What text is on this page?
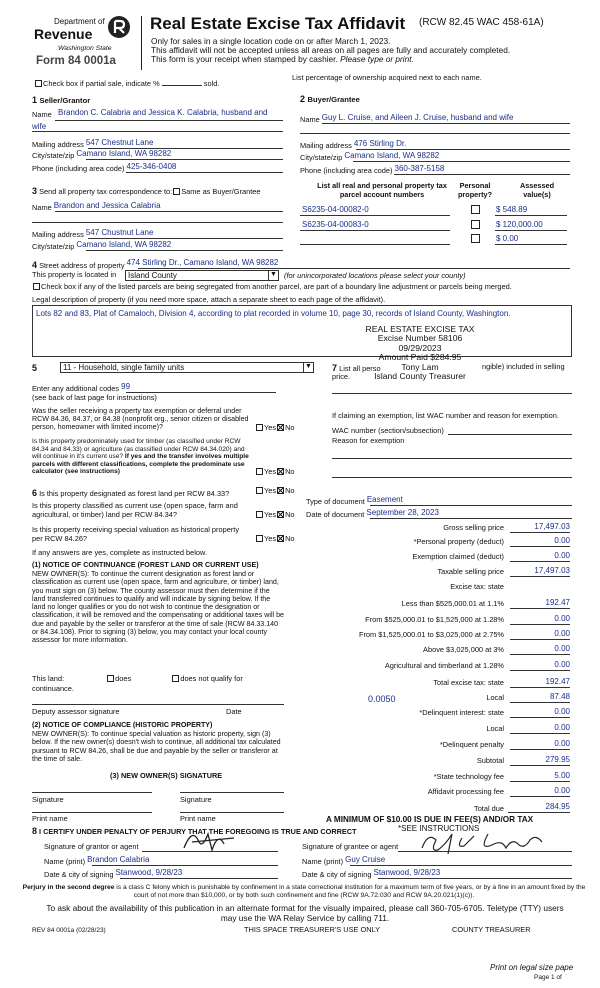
Department of
Revenue
Washington State
Form 84 0001a
Real Estate Excise Tax Affidavit (RCW 82.45 WAC 458-61A)
Only for sales in a single location code on or after March 1, 2023.
This affidavit will not be accepted unless all areas on all pages are fully and accurately completed.
This form is your receipt when stamped by cashier. Please type or print.
Check box if partial sale, indicate %	sold.
List percentage of ownership acquired next to each name.
1 Seller/Grantor
Name Brandon C. Calabria and Jessica K. Calabria, husband and
wife
Mailing address 547 Chestnut Lane
City/state/zip Camano Island, WA 98282
Phone (including area code) 425-346-0408
2 Buyer/Grantee
Name Guy L. Cruise, and Aileen J. Cruise, husband and wife
Mailing address 476 Stirling Dr.
City/state/zip Camano Island, WA 98282
Phone (including area code) 360-387-5158
3 Send all property tax correspondence to: Same as Buyer/Grantee
Name Brandon and Jessica Calabria
Mailing address 547 Chustnut Lane
City/state/zip Camano Island, WA 98282
List all real and personal property tax
parcel account numbers
Personal
property?
Assessed
value(s)
S6235-04-00082-0	$ 548.89
S6235-04-00083-0	$ 120,000.00
$ 0.00
4 Street address of property 474 Stirling Dr., Camano Island, WA 98282
This property is located in Island County	▼ (for unincorporated locations please select your county)
Check box if any of the listed parcels are being segregated from another parcel, are part of a boundary line adjustment or parcels being merged.
Legal description of property (if you need more space, attach a separate sheet to each page of the affidavit).
Lots 82 and 83, Plat of Camaloch, Division 4, according to plat recorded in volume 10, page 30, records of Island County, Washington.
REAL ESTATE EXCISE TAX
Excise Number 58106
09/29/2023
Amount Paid $284.95
Tony Lam
Island County Treasurer
5	11 - Household, single family units	▼
Enter any additional codes 99
(see back of last page for instructions)
Was the seller receiving a property tax exemption or deferral under RCW 84.36, 84.37, or 84.38 (nonprofit org., senior citizen or disabled person, homeowner with limited income)?	Yes No
Is this property predominately used for timber (as classified under RCW 84.34 and 84.33) or agriculture (as classified under RCW 84.34.020) and will continue in it's current use? If yes and the transfer involves multiple parcels with different classifications, complete the predominate use calculator (see instructions)	Yes No
7 List all perso	ngible) included in selling
price.
If claiming an exemption, list WAC number and reason for exemption.
WAC number (section/subsection)
Reason for exemption
6 Is this property designated as forest land per RCW 84.33?	Yes No
Is this property classified as current use (open space, farm and agricultural, or timber) land per RCW 84.34?	Yes No
Is this property receiving special valuation as historical property per RCW 84.26?	Yes No
If any answers are yes, complete as instructed below.
(1) NOTICE OF CONTINUANCE (FOREST LAND OR CURRENT USE)
NEW OWNER(S): To continue the current designation as forest land or classification as current use (open space, farm and agriculture, or timber) land, you must sign on (3) below. The county assessor must then determine if the land transferred continues to qualify and will indicate by signing below. If the land no longer qualifies or you do not wish to continue the designation or classification, it will be removed and the compensating or additional taxes will be due and payable by the seller or transferor at the time of sale (RCW 84.33.140 or 84.34.108). Prior to signing (3) below, you may contact your local county assessor for more information.
This land:	does	does not qualify for
continuance.
Deputy assessor signature	Date
(2) NOTICE OF COMPLIANCE (HISTORIC PROPERTY)
NEW OWNER(S): To continue special valuation as historic property, sign (3) below. If the new owner(s) doesn't wish to continue, all additional tax calculated pursuant to RCW 84.26, shall be due and payable by the seller or transferor at the time of sale.
(3) NEW OWNER(S) SIGNATURE
Signature	Signature
Print name	Print name
Type of document Easement
Date of document September 28, 2023
Gross selling price	17,497.03
*Personal property (deduct)	0.00
Exemption claimed (deduct)	0.00
Taxable selling price	17,497.03
Excise tax: state
Less than $525,000.01 at 1.1%	192.47
From $525,000.01 to $1,525,000 at 1.28%	0.00
From $1,525,000.01 to $3,025,000 at 2.75%	0.00
Above $3,025,000 at 3%	0.00
Agricultural and timberland at 1.28%	0.00
Total excise tax: state	192.47
0.0050	Local	87.48
*Delinquent interest: state	0.00
Local	0.00
*Delinquent penalty	0.00
Subtotal	279.95
*State technology fee	5.00
Affidavit processing fee	0.00
Total due	284.95
A MINIMUM OF $10.00 IS DUE IN FEE(S) AND/OR TAX
*SEE INSTRUCTIONS
8 I CERTIFY UNDER PENALTY OF PERJURY THAT THE FOREGOING IS TRUE AND CORRECT
Signature of grantor or agent	Signature of grantee or agent
Name (print) Brandon Calabria	Name (print) Guy Cruise
Date & city of signing Stanwood, 9/28/23	Date & city of signing Stanwood, 9/28/23
Perjury in the second degree is a class C felony which is punishable by confinement in a state correctional institution for a maximum term of five years, or by a fine in an amount fixed by the court of not more than $10,000, or by both such confinement and fine (RCW 9A.72.030 and RCW 9A.20.021(1)(c)).
To ask about the availability of this publication in an alternate format for the visually impaired, please call 360-705-6705. Teletype (TTY) users may use the WA Relay Service by calling 711.
REV 84 0001a (02/28/23)	THIS SPACE TREASURER'S USE ONLY	COUNTY TREASURER
Print on legal size pape
Page 1 of
